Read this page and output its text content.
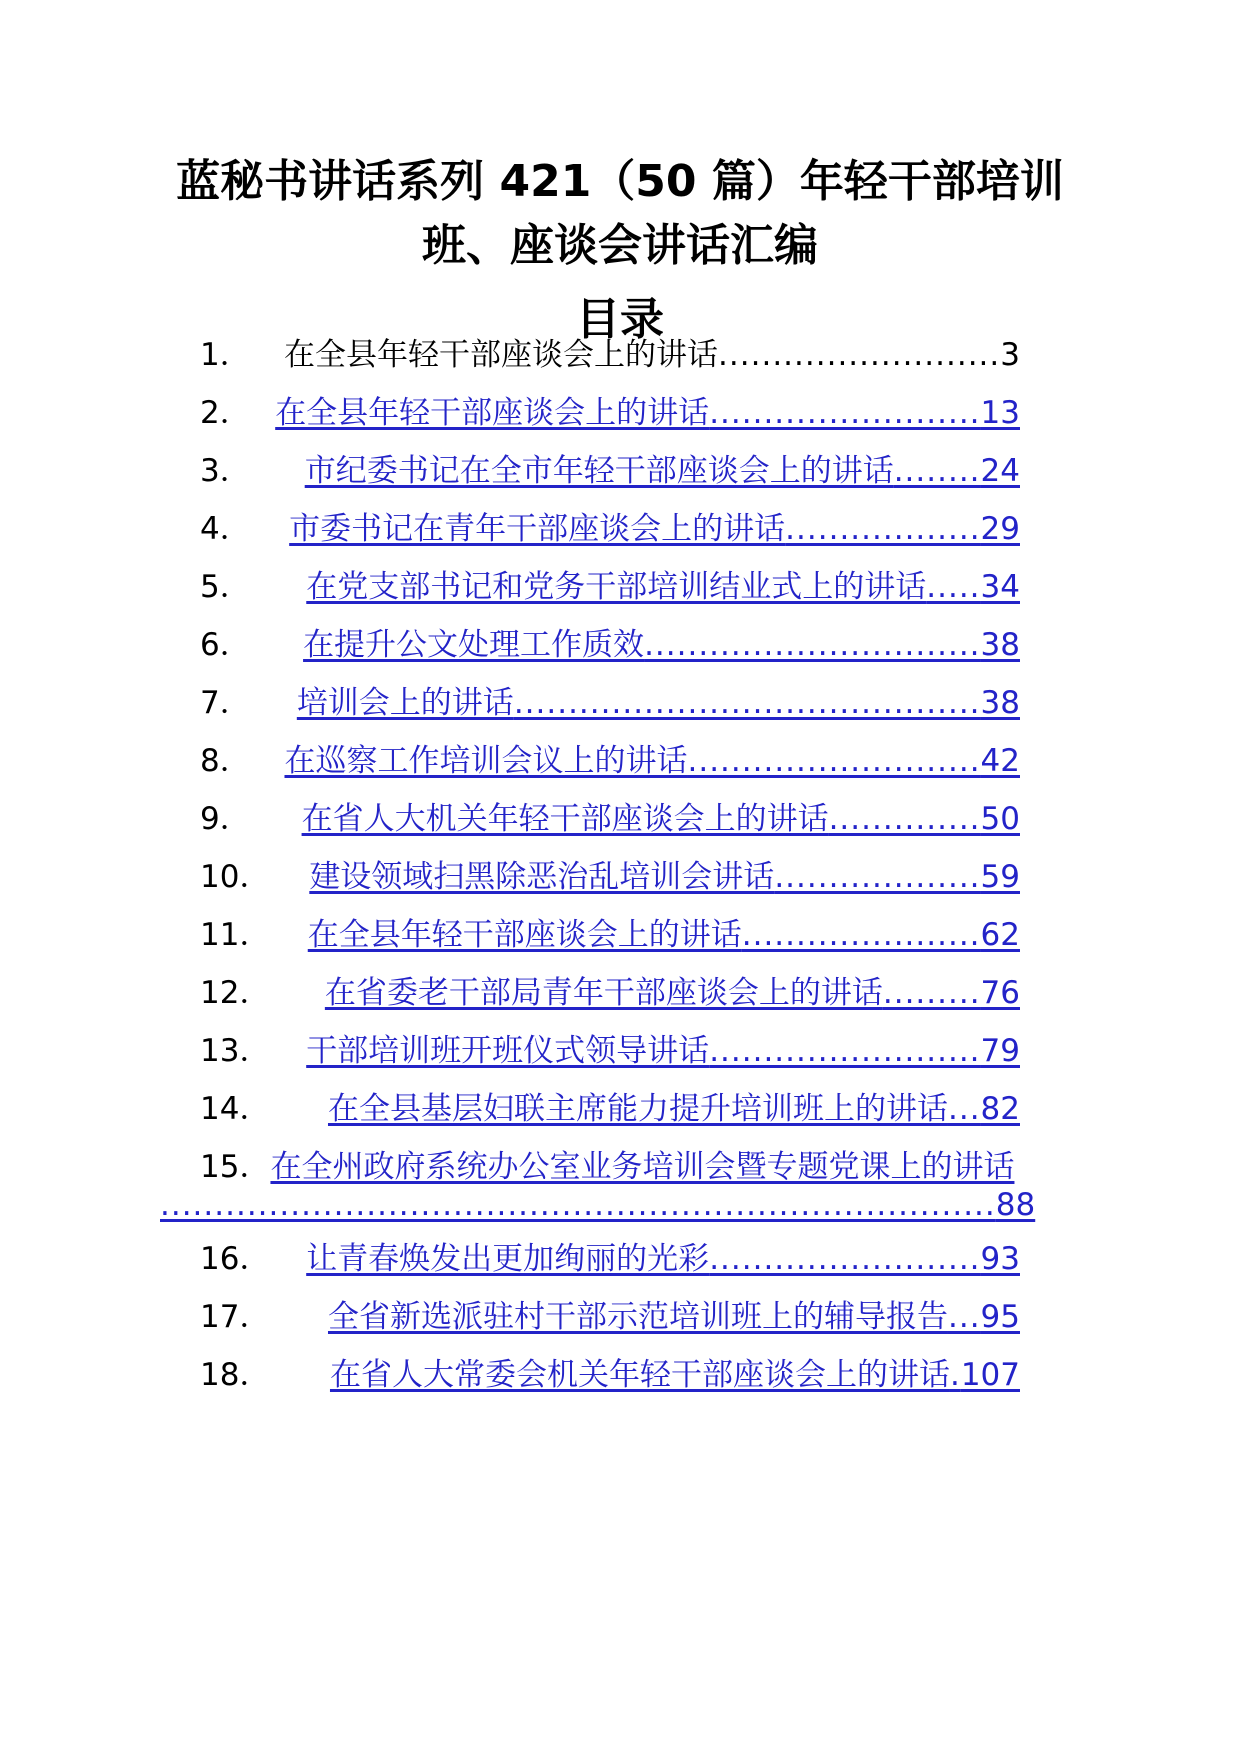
蓝秘书讲话系列 421（50 篇）年轻干部培训班、座谈会讲话汇编
目录
1． 在全县年轻干部座谈会上的讲话..........................3
2． 在全县年轻干部座谈会上的讲话.........................13
3． 市纪委书记在全市年轻干部座谈会上的讲话........24
4． 市委书记在青年干部座谈会上的讲话..................29
5． 在党支部书记和党务干部培训结业式上的讲话.....34
6． 在提升公文处理工作质效...............................38
7． 培训会上的讲话...........................................38
8． 在巡察工作培训会议上的讲话...........................42
9． 在省人大机关年轻干部座谈会上的讲话..............50
10． 建设领域扫黑除恶治乱培训会讲话...................59
11． 在全县年轻干部座谈会上的讲话......................62
12． 在省委老干部局青年干部座谈会上的讲话.........76
13． 干部培训班开班仪式领导讲话.........................79
14． 在全县基层妇联主席能力提升培训班上的讲话...82
15．在全州政府系统办公室业务培训会暨专题党课上的讲话
.............................................................................88
16． 让青春焕发出更加绚丽的光彩.........................93
17． 全省新选派驻村干部示范培训班上的辅导报告...95
18． 在省人大常委会机关年轻干部座谈会上的讲话.107
